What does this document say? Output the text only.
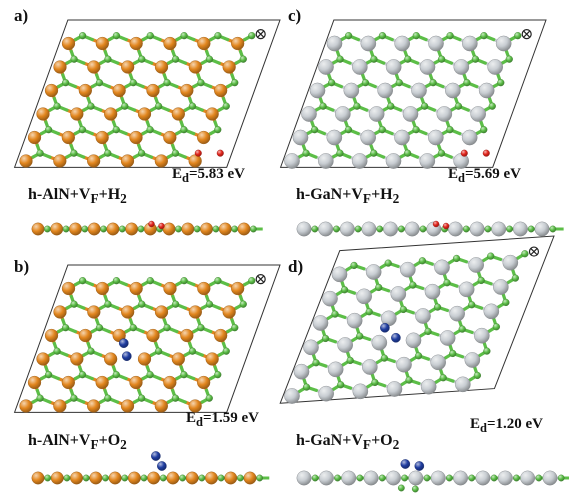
a)
$h-AlN+V_F+H_2$
$E_d=5.83$ eV
c)
$h-GaN+V_F+H_2$
$E_d=5.69$ eV
b)
$h-AlN+V_F+O_2$
$E_d=1.59$ eV
d)
$h-GaN+V_F+O_2$
$E_d=1.20$ eV
